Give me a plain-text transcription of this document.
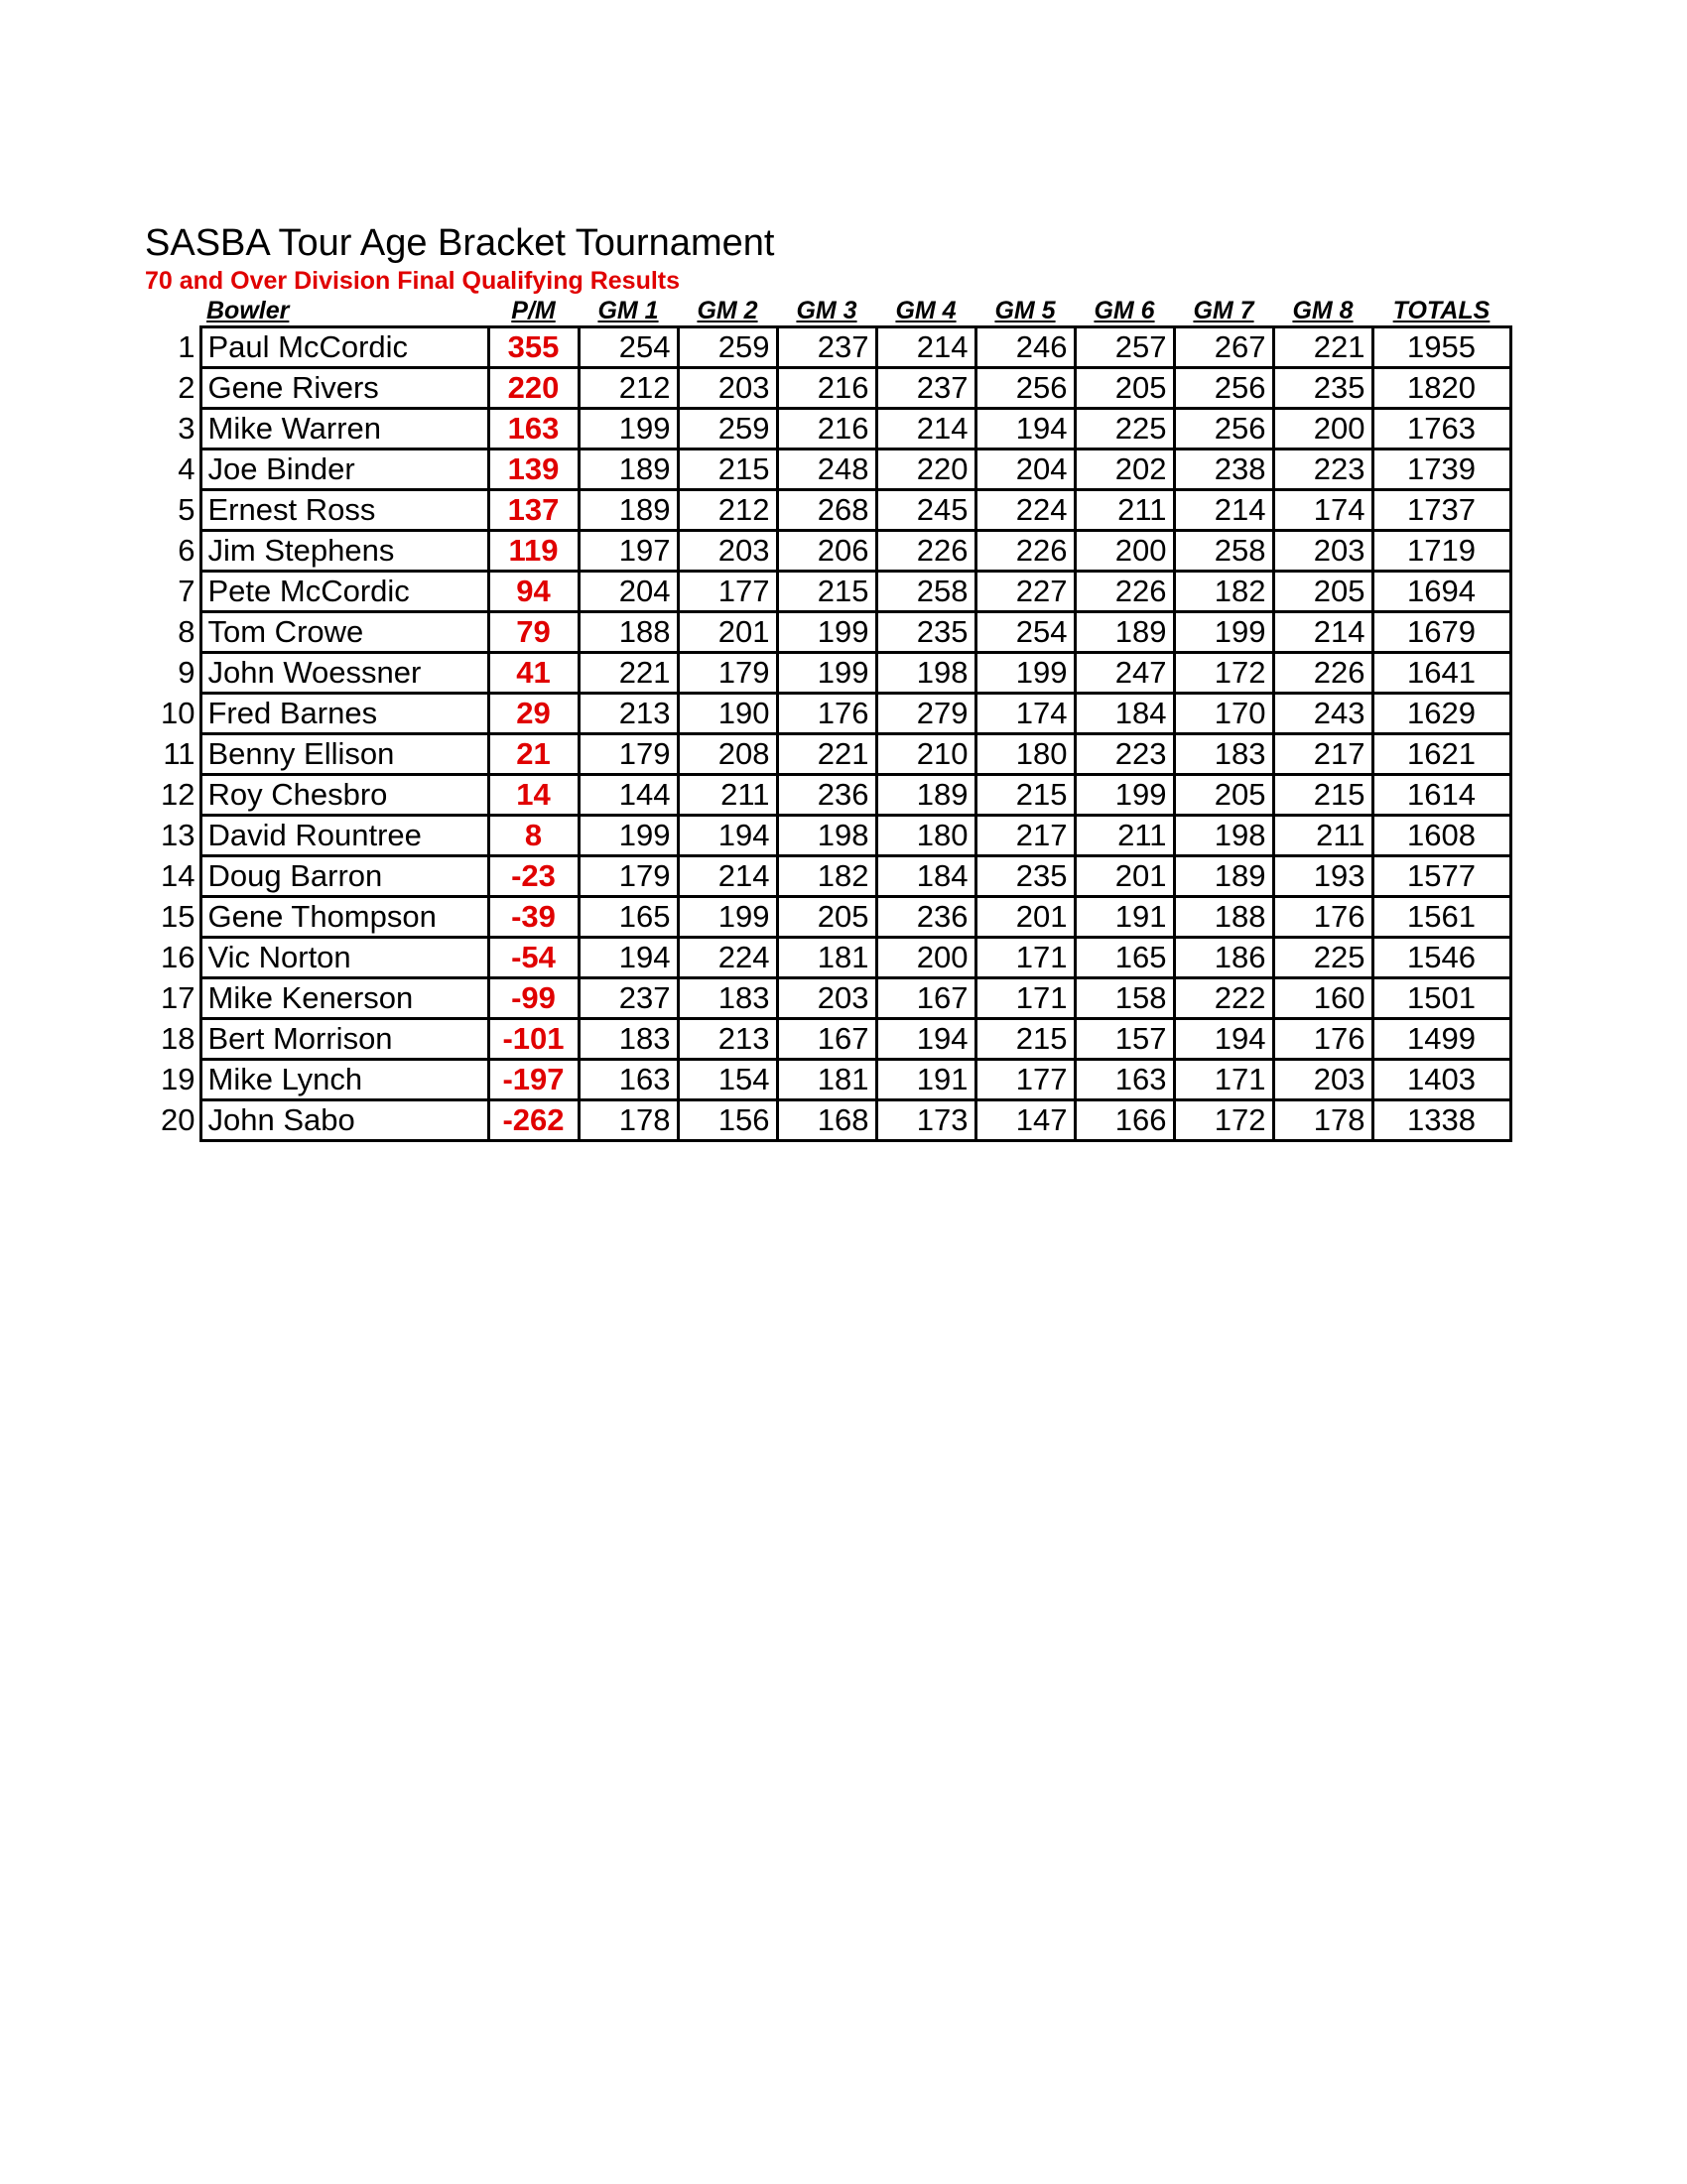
SASBA Tour Age Bracket Tournament
70 and Over Division Final Qualifying Results
	Bowler	P/M	GM 1	GM 2	GM 3	GM 4	GM 5	GM 6	GM 7	GM 8	TOTALS
1	Paul McCordic	355	254	259	237	214	246	257	267	221	1955
2	Gene Rivers	220	212	203	216	237	256	205	256	235	1820
3	Mike Warren	163	199	259	216	214	194	225	256	200	1763
4	Joe Binder	139	189	215	248	220	204	202	238	223	1739
5	Ernest Ross	137	189	212	268	245	224	211	214	174	1737
6	Jim Stephens	119	197	203	206	226	226	200	258	203	1719
7	Pete McCordic	94	204	177	215	258	227	226	182	205	1694
8	Tom Crowe	79	188	201	199	235	254	189	199	214	1679
9	John Woessner	41	221	179	199	198	199	247	172	226	1641
10	Fred Barnes	29	213	190	176	279	174	184	170	243	1629
11	Benny Ellison	21	179	208	221	210	180	223	183	217	1621
12	Roy Chesbro	14	144	211	236	189	215	199	205	215	1614
13	David Rountree	8	199	194	198	180	217	211	198	211	1608
14	Doug Barron	-23	179	214	182	184	235	201	189	193	1577
15	Gene Thompson	-39	165	199	205	236	201	191	188	176	1561
16	Vic Norton	-54	194	224	181	200	171	165	186	225	1546
17	Mike Kenerson	-99	237	183	203	167	171	158	222	160	1501
18	Bert Morrison	-101	183	213	167	194	215	157	194	176	1499
19	Mike Lynch	-197	163	154	181	191	177	163	171	203	1403
20	John Sabo	-262	178	156	168	173	147	166	172	178	1338
